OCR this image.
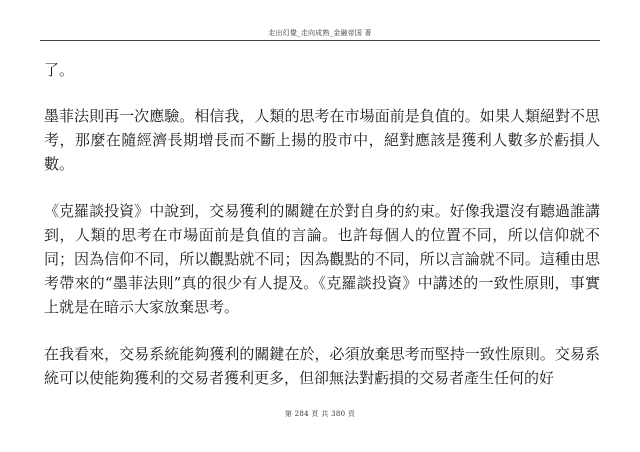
走出幻覺_走向成熟_金融帝国 著

了。

墨菲法則再一次應驗。相信我，人類的思考在市場面前是負值的。如果人類絕對不思考，那麼在隨經濟長期增長而不斷上揚的股市中，絕對應該是獲利人數多於虧損人數。

《克羅談投資》中說到，交易獲利的關鍵在於對自身的約束。好像我還沒有聽過誰講到，人類的思考在市場面前是負值的言論。也許每個人的位置不同，所以信仰就不同；因為信仰不同，所以觀點就不同；因為觀點的不同，所以言論就不同。這種由思考帶來的“墨菲法則”真的很少有人提及。《克羅談投資》中講述的一致性原則，事實上就是在暗示大家放棄思考。

在我看來，交易系統能夠獲利的關鍵在於，必須放棄思考而堅持一致性原則。交易系統可以使能夠獲利的交易者獲利更多，但卻無法對虧損的交易者產生任何的好

第 284 頁 共 380 頁
